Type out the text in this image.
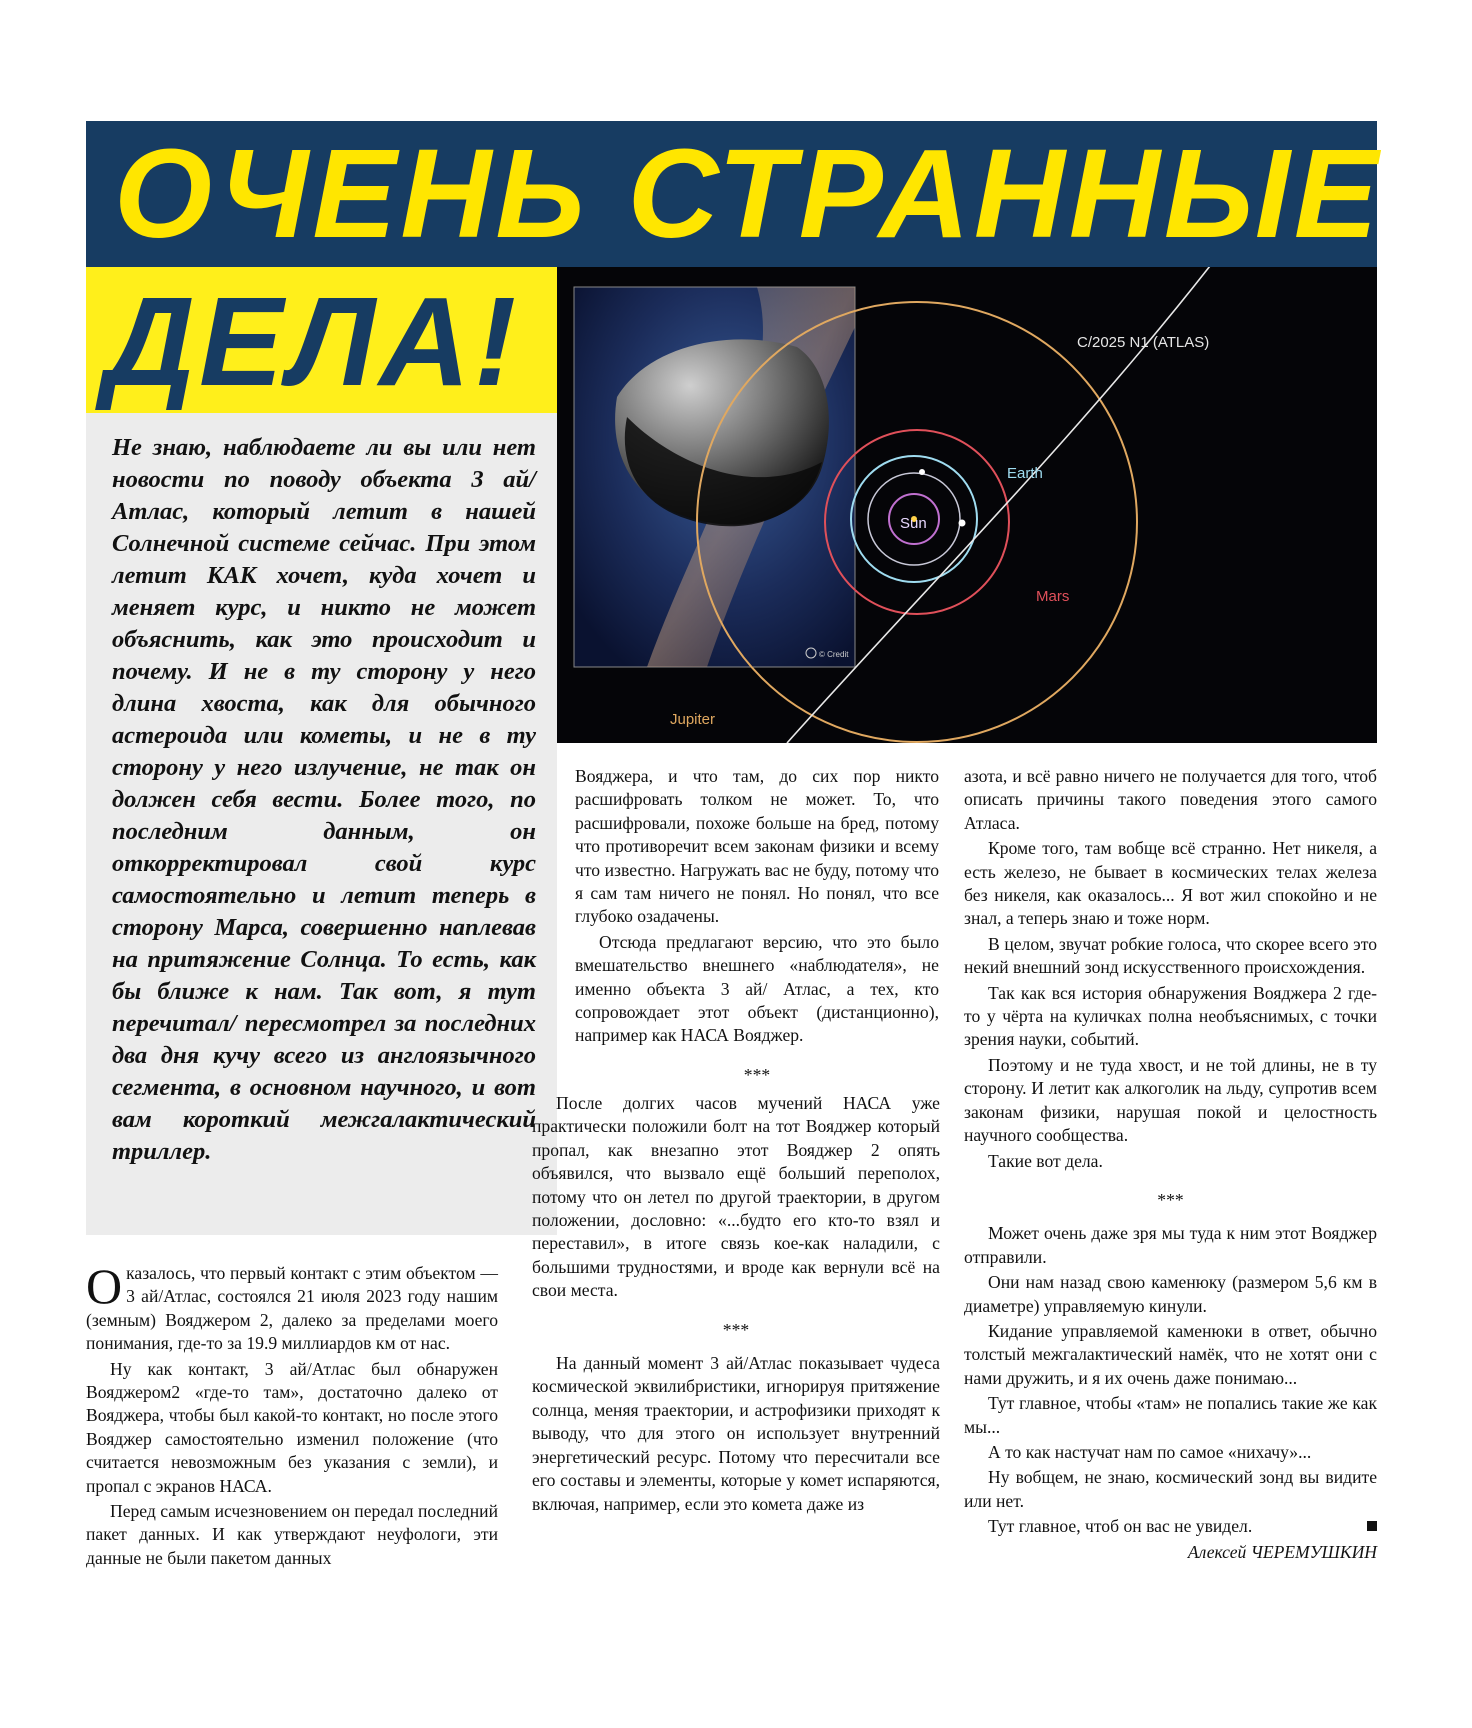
ОЧЕНЬ СТРАННЫЕ
ДЕЛА!
Не знаю, наблюдаете ли вы или нет новости по поводу объекта 3 ай/Атлас, который летит в нашей Солнечной системе сейчас. При этом летит КАК хочет, куда хочет и меняет курс, и никто не может объяснить, как это происходит и почему. И не в ту сторону у него длина хвоста, как для обычного астероида или кометы, и не в ту сторону у него излучение, не так он должен себя вести. Более того, по последним данным, он откорректировал свой курс самостоятельно и летит теперь в сторону Марса, совершенно наплевав на притяжение Солнца. То есть, как бы ближе к нам. Так вот, я тут перечитал/ пересмотрел за последних два дня кучу всего из англоязычного сегмента, в основном научного, и вот вам короткий межгалактический триллер.
© Credit
C/2025 N1 (ATLAS)
Earth
Sun
Mars
Jupiter

Оказалось, что первый контакт с этим объектом — 3 ай/Атлас, состоялся 21 июля 2023 году нашим (земным) Вояджером 2, далеко за пределами моего понимания, где-то за 19.9 миллиардов км от нас.

Ну как контакт, 3 ай/Атлас был обнаружен Вояджером2 «где-то там», достаточно далеко от Вояджера, чтобы был какой-то контакт, но после этого Вояджер самостоятельно изменил положение (что считается невозможным без указания с земли), и пропал с экранов НАСА.

Перед самым исчезновением он передал последний пакет данных. И как утверждают неуфологи, эти данные не были пакетом данных

Вояджера, и что там, до сих пор никто расшифровать толком не может. То, что расшифровали, похоже больше на бред, потому что противоречит всем законам физики и всему что известно. Нагружать вас не буду, потому что я сам там ничего не понял. Но понял, что все глубоко озадачены.

Отсюда предлагают версию, что это было вмешательство внешнего «наблюдателя», не именно объекта 3 ай/ Атлас, а тех, кто сопровождает этот объект (дистанционно), например как НАСА Вояджер.

***

После долгих часов мучений НАСА уже практически положили болт на тот Вояджер который пропал, как внезапно этот Вояджер 2 опять объявился, что вызвало ещё больший переполох, потому что он летел по другой траектории, в другом положении, дословно: «...будто его кто-то взял и переставил», в итоге связь кое-как наладили, с большими трудностями, и вроде как вернули всё на свои места.

***

На данный момент 3 ай/Атлас показывает чудеса космической эквилибристики, игнорируя притяжение солнца, меняя траектории, и астрофизики приходят к выводу, что для этого он использует внутренний энергетический ресурс. Потому что пересчитали все его составы и элементы, которые у комет испаряются, включая, например, если это комета даже из

азота, и всё равно ничего не получается для того, чтоб описать причины такого поведения этого самого Атласа.

Кроме того, там вобще всё странно. Нет никеля, а есть железо, не бывает в космических телах железа без никеля, как оказалось... Я вот жил спокойно и не знал, а теперь знаю и тоже норм.

В целом, звучат робкие голоса, что скорее всего это некий внешний зонд искусственного происхождения.

Так как вся история обнаружения Вояджера 2 где-то у чёрта на куличках полна необъяснимых, с точки зрения науки, событий.

Поэтому и не туда хвост, и не той длины, не в ту сторону. И летит как алкоголик на льду, супротив всем законам физики, нарушая покой и целостность научного сообщества.

Такие вот дела.

***

Может очень даже зря мы туда к ним этот Вояджер отправили.

Они нам назад свою каменюку (размером 5,6 км в диаметре) управляемую кинули.

Кидание управляемой каменюки в ответ, обычно толстый межгалактический намёк, что не хотят они с нами дружить, и я их очень даже понимаю...

Тут главное, чтобы «там» не попались такие же как мы...

А то как настучат нам по самое «нихачу»...

Ну вобщем, не знаю, космический зонд вы видите или нет.

Тут главное, чтоб он вас не увидел.

Алексей ЧЕРЕМУШКИН
